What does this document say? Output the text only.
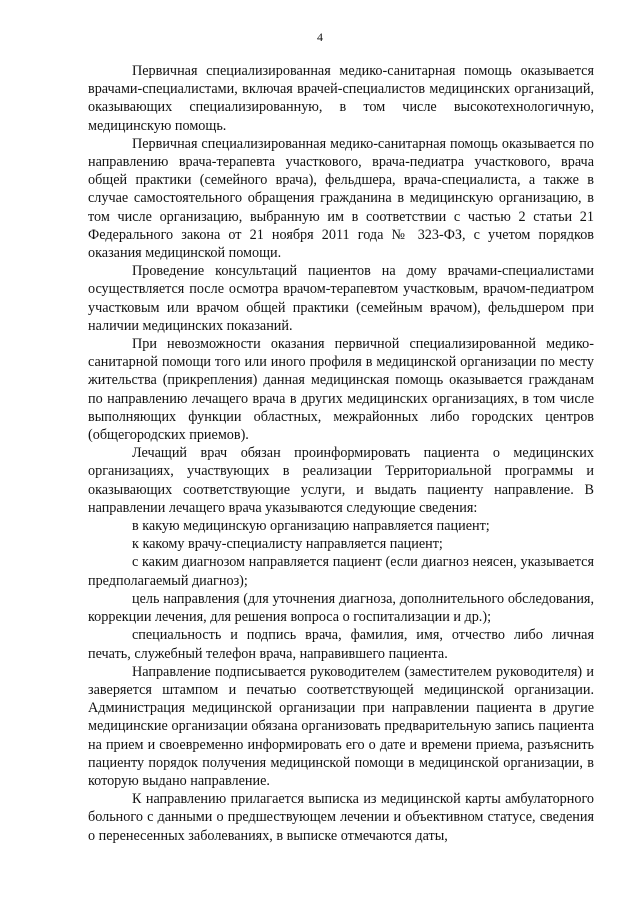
4

Первичная специализированная медико-санитарная помощь оказывается врачами-специалистами, включая врачей-специалистов медицинских организаций, оказывающих специализированную, в том числе высокотехнологичную, медицинскую помощь.

Первичная специализированная медико-санитарная помощь оказывается по направлению врача-терапевта участкового, врача-педиатра участкового, врача общей практики (семейного врача), фельдшера, врача-специалиста, а также в случае самостоятельного обращения гражданина в медицинскую организацию, в том числе организацию, выбранную им в соответствии с частью 2 статьи 21 Федерального закона от 21 ноября 2011 года № 323-ФЗ, с учетом порядков оказания медицинской помощи.

Проведение консультаций пациентов на дому врачами-специалистами осуществляется после осмотра врачом-терапевтом участковым, врачом-педиатром участковым или врачом общей практики (семейным врачом), фельдшером при наличии медицинских показаний.

При невозможности оказания первичной специализированной медико-санитарной помощи того или иного профиля в медицинской организации по месту жительства (прикрепления) данная медицинская помощь оказывается гражданам по направлению лечащего врача в других медицинских организациях, в том числе выполняющих функции областных, межрайонных либо городских центров (общегородских приемов).

Лечащий врач обязан проинформировать пациента о медицинских организациях, участвующих в реализации Территориальной программы и оказывающих соответствующие услуги, и выдать пациенту направление. В направлении лечащего врача указываются следующие сведения:

в какую медицинскую организацию направляется пациент;

к какому врачу-специалисту направляется пациент;

с каким диагнозом направляется пациент (если диагноз неясен, указывается предполагаемый диагноз);

цель направления (для уточнения диагноза, дополнительного обследования, коррекции лечения, для решения вопроса о госпитализации и др.);

специальность и подпись врача, фамилия, имя, отчество либо личная печать, служебный телефон врача, направившего пациента.

Направление подписывается руководителем (заместителем руководителя) и заверяется штампом и печатью соответствующей медицинской организации. Администрация медицинской организации при направлении пациента в другие медицинские организации обязана организовать предварительную запись пациента на прием и своевременно информировать его о дате и времени приема, разъяснить пациенту порядок получения медицинской помощи в медицинской организации, в которую выдано направление.

К направлению прилагается выписка из медицинской карты амбулаторного больного с данными о предшествующем лечении и объективном статусе, сведения о перенесенных заболеваниях, в выписке отмечаются даты,
